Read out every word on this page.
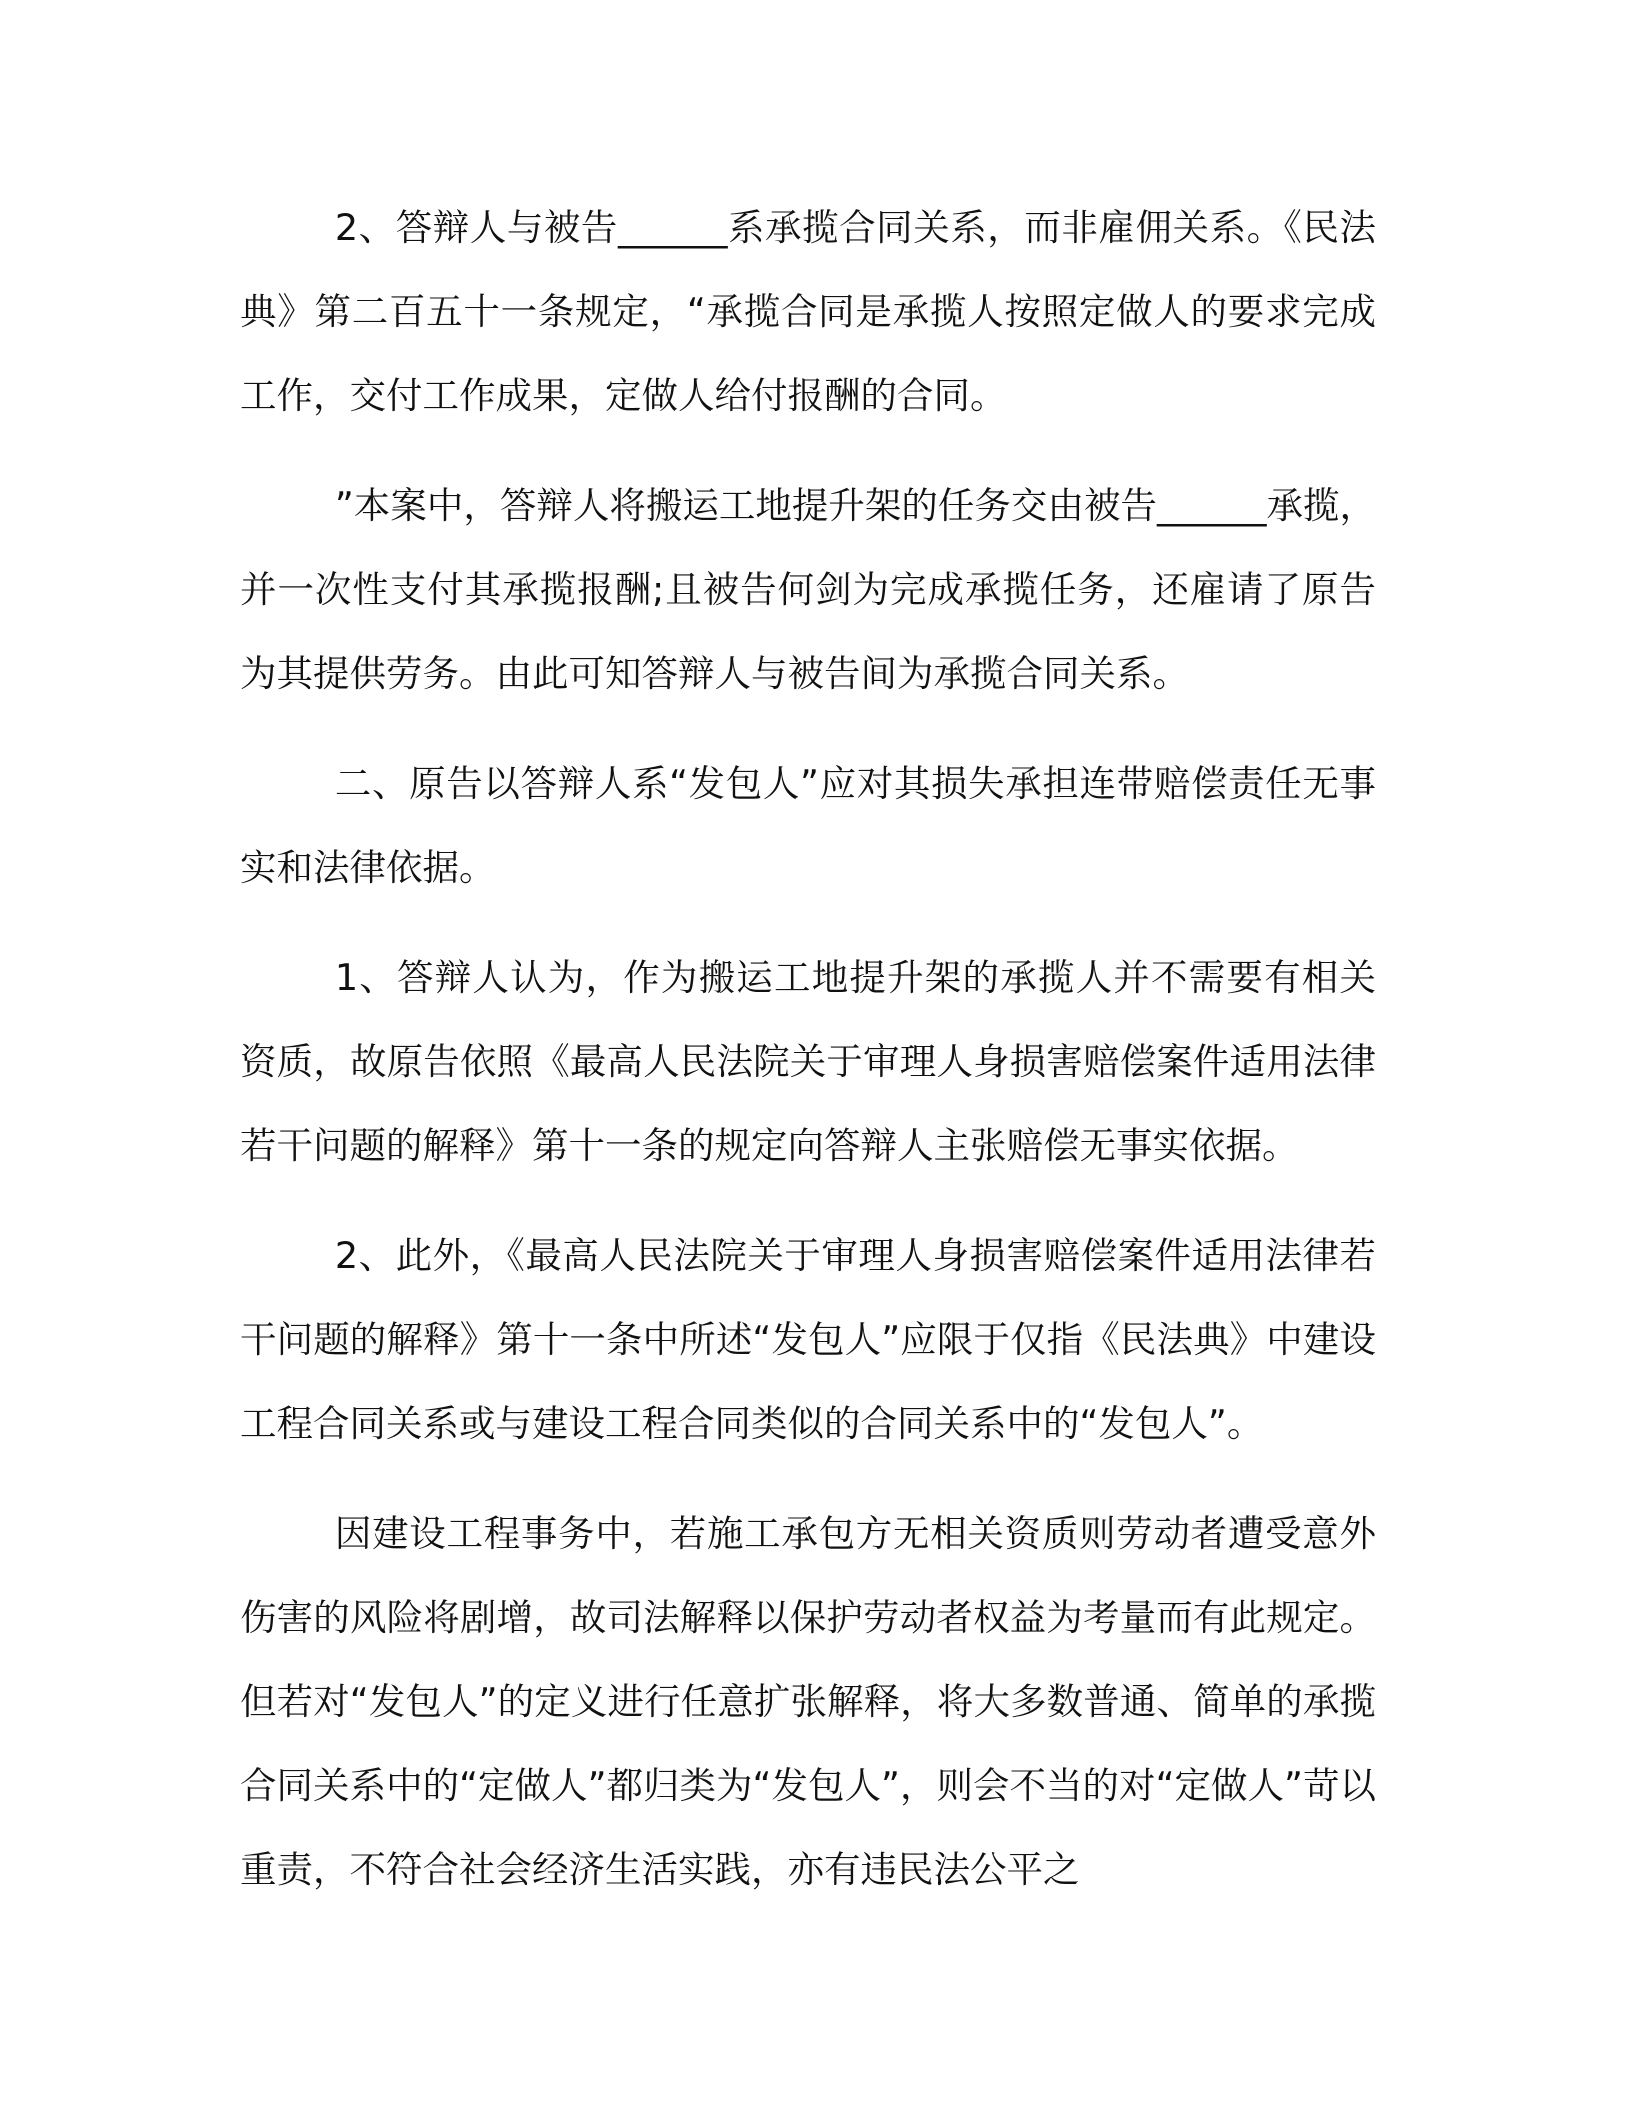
2、答辩人与被告______系承揽合同关系，而非雇佣关系。《民法典》第二百五十一条规定，“承揽合同是承揽人按照定做人的要求完成工作，交付工作成果，定做人给付报酬的合同。

”本案中，答辩人将搬运工地提升架的任务交由被告______承揽，并一次性支付其承揽报酬;且被告何剑为完成承揽任务，还雇请了原告为其提供劳务。由此可知答辩人与被告间为承揽合同关系。

二、原告以答辩人系“发包人”应对其损失承担连带赔偿责任无事实和法律依据。

1、答辩人认为，作为搬运工地提升架的承揽人并不需要有相关资质，故原告依照《最高人民法院关于审理人身损害赔偿案件适用法律若干问题的解释》第十一条的规定向答辩人主张赔偿无事实依据。

2、此外，《最高人民法院关于审理人身损害赔偿案件适用法律若干问题的解释》第十一条中所述“发包人”应限于仅指《民法典》中建设工程合同关系或与建设工程合同类似的合同关系中的“发包人”。

因建设工程事务中，若施工承包方无相关资质则劳动者遭受意外伤害的风险将剧增，故司法解释以保护劳动者权益为考量而有此规定。但若对“发包人”的定义进行任意扩张解释，将大多数普通、简单的承揽合同关系中的“定做人”都归类为“发包人”，则会不当的对“定做人”苛以重责，不符合社会经济生活实践，亦有违民法公平之
